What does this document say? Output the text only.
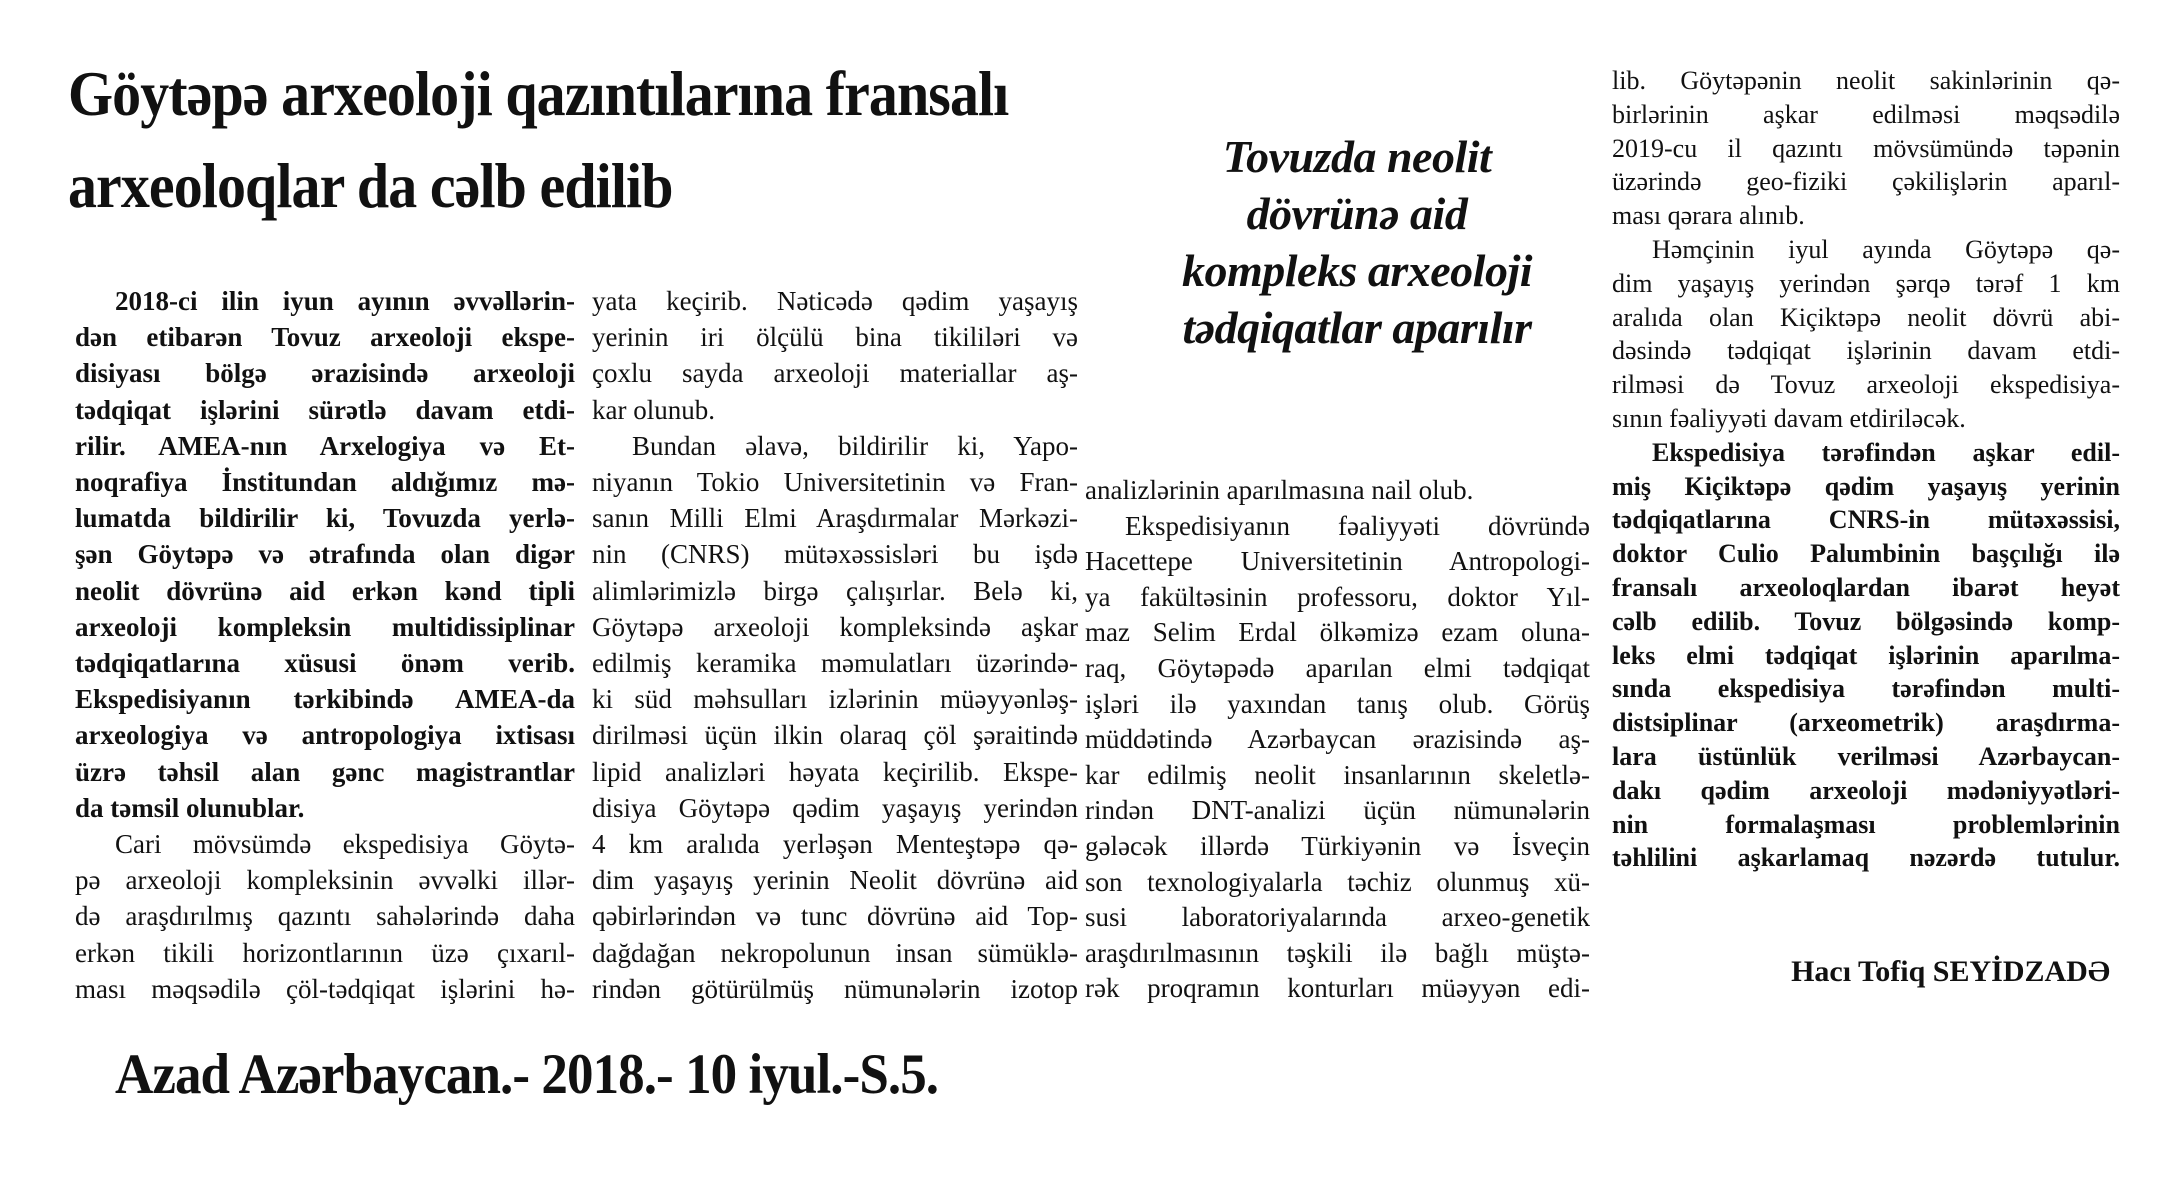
Göytəpə arxeoloji qazıntılarına fransalı
arxeoloqlar da cəlb edilib	Tovuzda neolit
dövrünə aid
kompleks arxeoloji
tədqiqatlar aparılır
2018-ci ilin iyun ayının əvvəllərin-
dən etibarən Tovuz arxeoloji ekspe-
disiyası bölgə ərazisində arxeoloji
tədqiqat işlərini sürətlə davam etdi-
rilir. AMEA-nın Arxelogiya və Et-
noqrafiya İnstitundan aldığımız mə-
lumatda bildirilir ki, Tovuzda yerlə-
şən Göytəpə və ətrafında olan digər
neolit dövrünə aid erkən kənd tipli
arxeoloji kompleksin multidissiplinar
tədqiqatlarına xüsusi önəm verib.
Ekspedisiyanın tərkibində AMEA-da
arxeologiya və antropologiya ixtisası
üzrə təhsil alan gənc magistrantlar
da təmsil olunublar.
Cari mövsümdə ekspedisiya Göytə-
pə arxeoloji kompleksinin əvvəlki illər-
də araşdırılmış qazıntı sahələrində daha
erkən tikili horizontlarının üzə çıxarıl-
ması məqsədilə çöl-tədqiqat işlərini hə-
yata keçirib. Nəticədə qədim yaşayış
yerinin iri ölçülü bina tikililəri və
çoxlu sayda arxeoloji materiallar aş-
kar olunub.
Bundan əlavə, bildirilir ki, Yapo-
niyanın Tokio Universitetinin və Fran-
sanın Milli Elmi Araşdırmalar Mərkəzi-
nin (CNRS) mütəxəssisləri bu işdə
alimlərimizlə birgə çalışırlar. Belə ki,
Göytəpə arxeoloji kompleksində aşkar
edilmiş keramika məmulatları üzərində-
ki süd məhsulları izlərinin müəyyənləş-
dirilməsi üçün ilkin olaraq çöl şəraitində
lipid analizləri həyata keçirilib. Ekspe-
disiya Göytəpə qədim yaşayış yerindən
4 km aralıda yerləşən Menteştəpə qə-
dim yaşayış yerinin Neolit dövrünə aid
qəbirlərindən və tunc dövrünə aid Top-
dağdağan nekropolunun insan sümüklə-
rindən götürülmüş nümunələrin izotop
analizlərinin aparılmasına nail olub.
Ekspedisiyanın fəaliyyəti dövründə
Hacettepe Universitetinin Antropologi-
ya fakültəsinin professoru, doktor Yıl-
maz Selim Erdal ölkəmizə ezam oluna-
raq, Göytəpədə aparılan elmi tədqiqat
işləri ilə yaxından tanış olub. Görüş
müddətində Azərbaycan ərazisində aş-
kar edilmiş neolit insanlarının skeletlə-
rindən DNT-analizi üçün nümunələrin
gələcək illərdə Türkiyənin və İsveçin
son texnologiyalarla təchiz olunmuş xü-
susi laboratoriyalarında arxeo-genetik
araşdırılmasının təşkili ilə bağlı müştə-
rək proqramın konturları müəyyən edi-
lib. Göytəpənin neolit sakinlərinin qə-
birlərinin aşkar edilməsi məqsədilə
2019-cu il qazıntı mövsümündə təpənin
üzərində geo-fiziki çəkilişlərin aparıl-
ması qərara alınıb.
Həmçinin iyul ayında Göytəpə qə-
dim yaşayış yerindən şərqə tərəf 1 km
aralıda olan Kiçiktəpə neolit dövrü abi-
dəsində tədqiqat işlərinin davam etdi-
rilməsi də Tovuz arxeoloji ekspedisiya-
sının fəaliyyəti davam etdiriləcək.
Ekspedisiya tərəfindən aşkar edil-
miş Kiçiktəpə qədim yaşayış yerinin
tədqiqatlarına CNRS-in mütəxəssisi,
doktor Culio Palumbinin başçılığı ilə
fransalı arxeoloqlardan ibarət heyət
cəlb edilib. Tovuz bölgəsində komp-
leks elmi tədqiqat işlərinin aparılma-
sında ekspedisiya tərəfindən multi-
distsiplinar (arxeometrik) araşdırma-
lara üstünlük verilməsi Azərbaycan-
dakı qədim arxeoloji mədəniyyətləri-
nin formalaşması problemlərinin
təhlilini aşkarlamaq nəzərdə tutulur.
Hacı Tofiq SEYİDZADƏ
Azad Azərbaycan.- 2018.- 10 iyul.-S.5.
